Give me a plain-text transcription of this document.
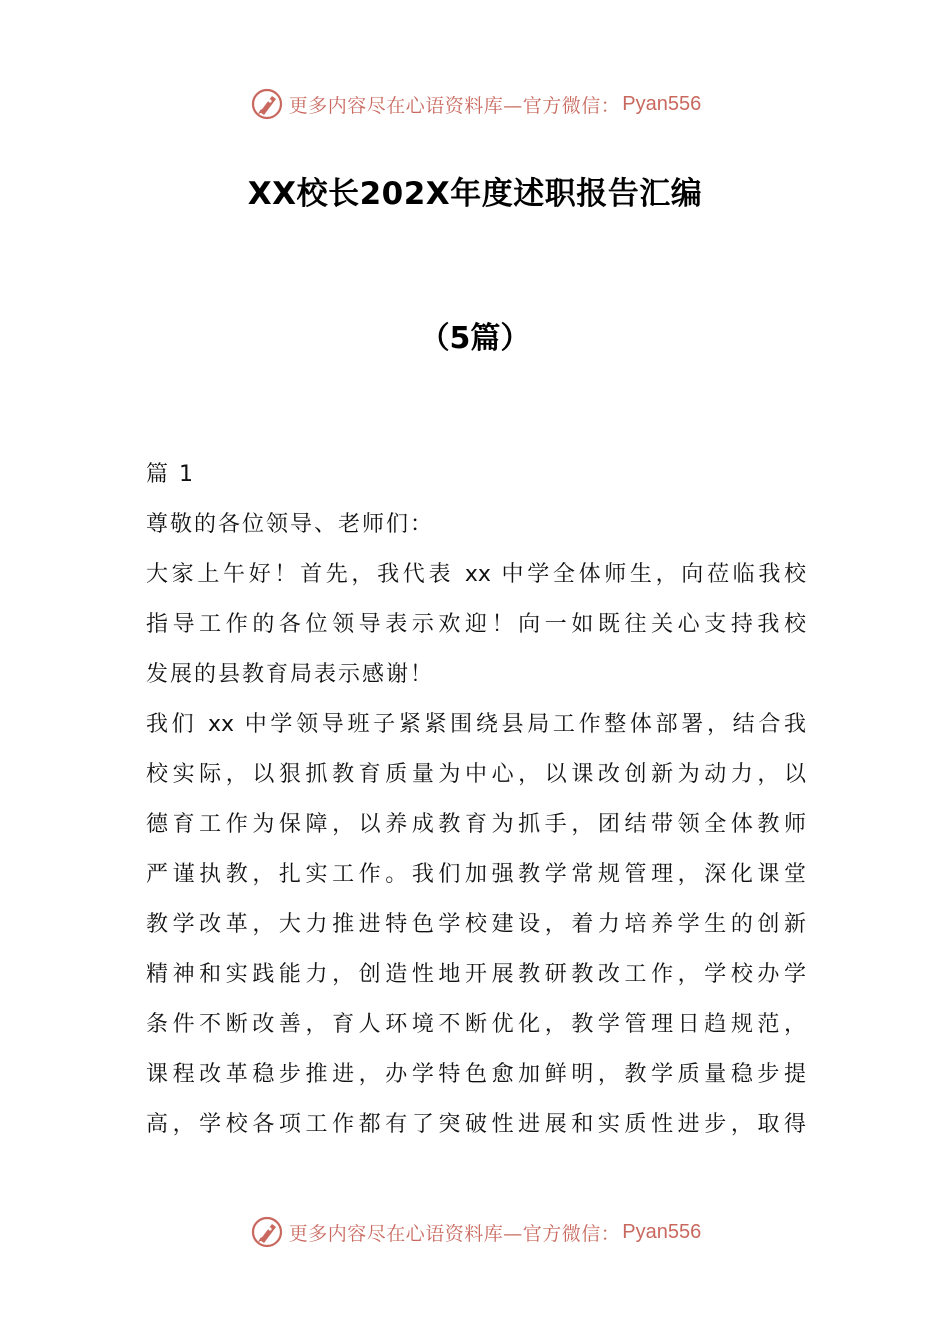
更多内容尽在心语资料库—官方微信： Pyan556
XX校长202X年度述职报告汇编
（5篇）
篇 1
尊敬的各位领导、老师们：
大家上午好！首先，我代表 xx 中学全体师生，向莅临我校
指导工作的各位领导表示欢迎！向一如既往关心支持我校
发展的县教育局表示感谢！
我们 xx 中学领导班子紧紧围绕县局工作整体部署，结合我
校实际，以狠抓教育质量为中心，以课改创新为动力，以
德育工作为保障，以养成教育为抓手，团结带领全体教师
严谨执教，扎实工作。我们加强教学常规管理，深化课堂
教学改革，大力推进特色学校建设，着力培养学生的创新
精神和实践能力，创造性地开展教研教改工作，学校办学
条件不断改善，育人环境不断优化，教学管理日趋规范，
课程改革稳步推进，办学特色愈加鲜明，教学质量稳步提
高，学校各项工作都有了突破性进展和实质性进步，取得
更多内容尽在心语资料库—官方微信： Pyan556
